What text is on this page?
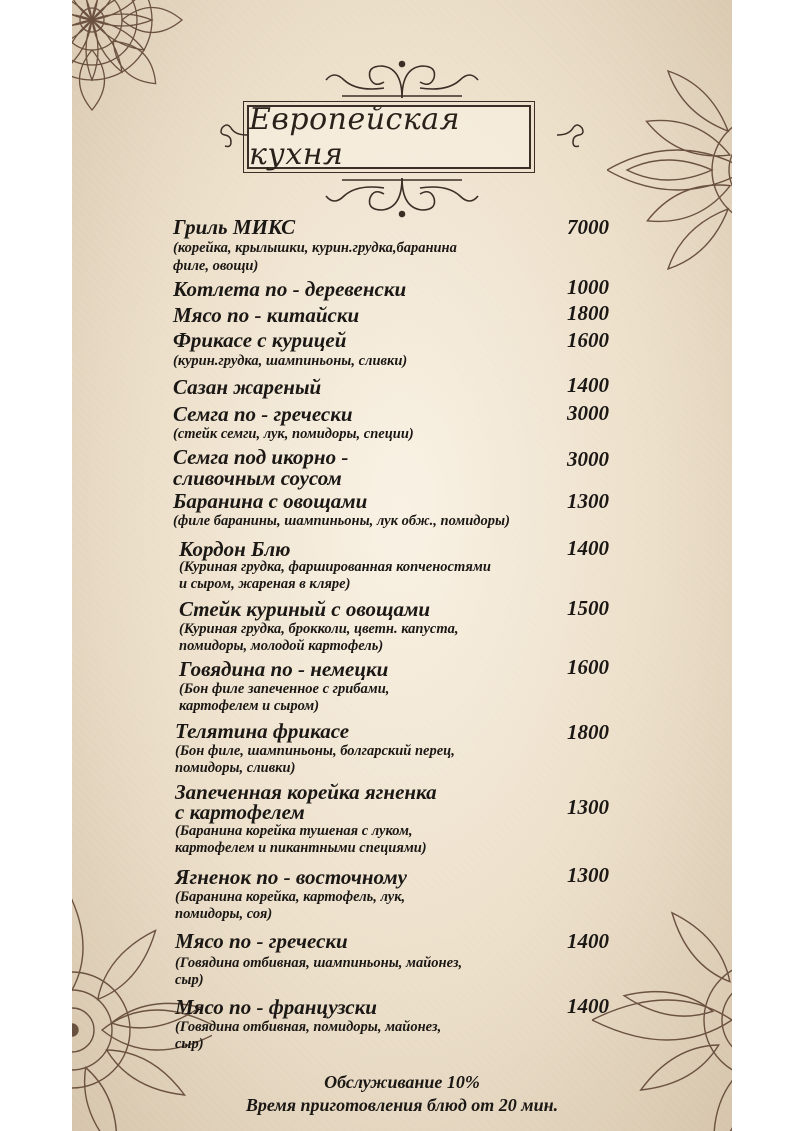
Европейская кухня
Гриль МИКС	7000
(корейка, крылышки, курин.грудка,баранина
филе, овощи)
Котлета по - деревенски	1000
Мясо по - китайски	1800
Фрикасе с курицей	1600
(курин.грудка, шампиньоны, сливки)
Сазан жареный	1400
Семга по - гречески	3000
(стейк семги, лук, помидоры, специи)
Семга под икорно -
сливочным соусом
3000
Баранина с овощами	1300
(филе баранины, шампиньоны, лук обж., помидоры)
Кордон Блю	1400
(Куриная грудка, фаршированная копченостями
и сыром, жареная в кляре)
Стейк куриный с овощами	1500
(Куриная грудка, брокколи, цветн. капуста,
помидоры, молодой картофель)
Говядина по - немецки	1600
(Бон филе запеченное с грибами,
картофелем и сыром)
Телятина фрикасе	1800
(Бон филе, шампиньоны, болгарский перец,
помидоры, сливки)
Запеченная корейка ягненка
с картофелем	1300
(Баранина корейка тушеная с луком,
картофелем и пикантными специями)
Ягненок по - восточному	1300
(Баранина корейка, картофель, лук,
помидоры, соя)
Мясо по - гречески	1400
(Говядина отбивная, шампиньоны, майонез,
сыр)
Мясо по - французски	1400
(Говядина отбивная, помидоры, майонез,
сыр)
Обслуживание 10%
Время приготовления блюд от 20 мин.
